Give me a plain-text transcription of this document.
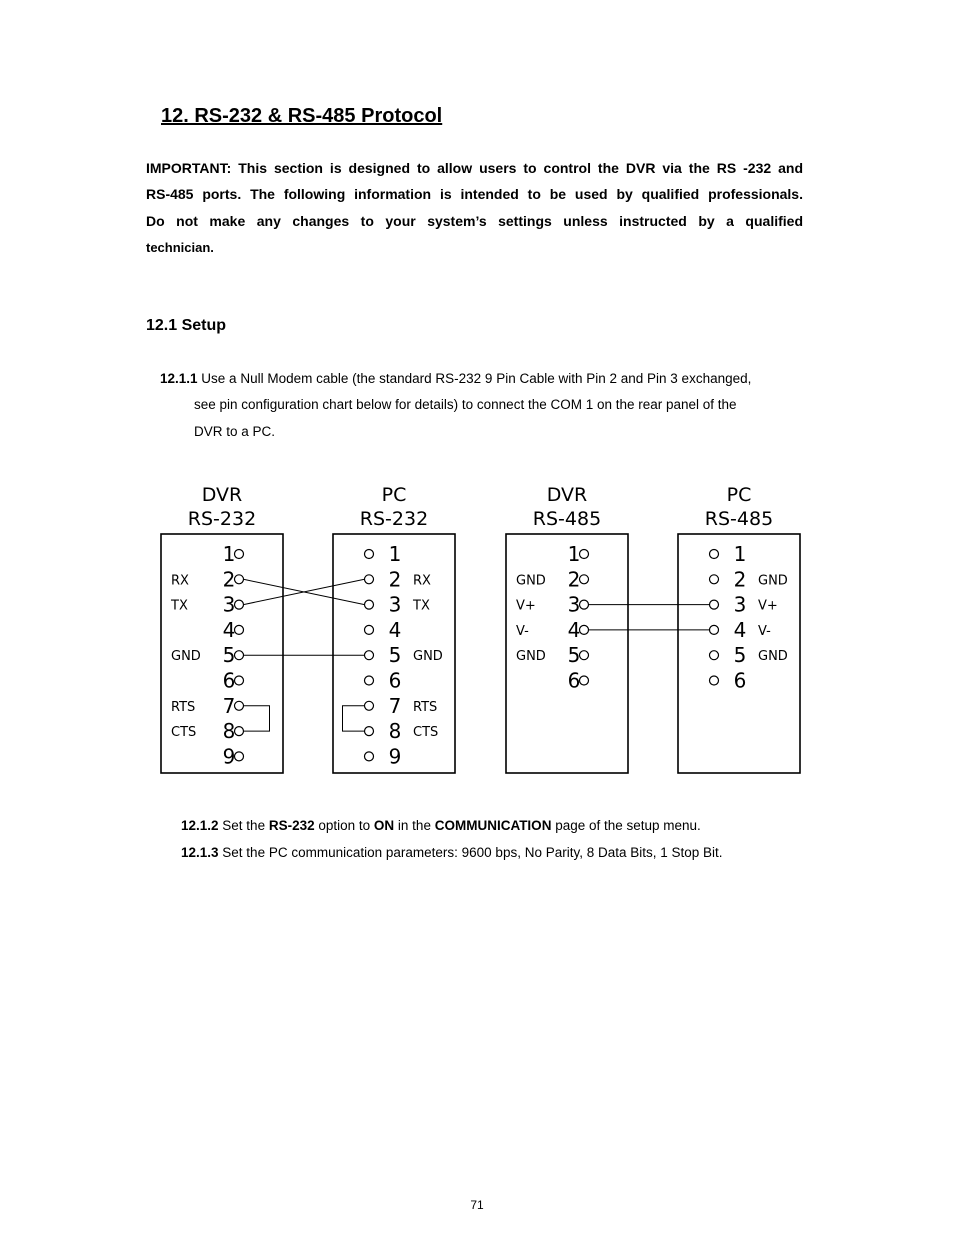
12. RS-232 & RS-485 Protocol
IMPORTANT: This section is designed to allow users to control the DVR via the RS -232 and
RS-485 ports. The following information is intended to be used by qualified professionals.
Do not make any changes to your system’s settings unless instructed by a qualified
technician.
12.1 Setup
12.1.1 Use a Null Modem cable (the standard RS-232 9 Pin Cable with Pin 2 and Pin 3 exchanged,
see pin configuration chart below for details) to connect the COM 1 on the rear panel of the
DVR to a PC.
DVR
RS-232
1
2
RX
3
TX
4
5
GND
6
7
RTS
8
CTS
9
PC
RS-232
1
2 RX
3 TX
4
5 GND
6
7 RTS
8 CTS
9
DVR
RS-485
1
2
GND
3
V+
4
V-
5
GND
6
PC
RS-485
1
2 GND
3 V+
4 V-
5 GND
6
12.1.2 Set the RS-232 option to ON in the COMMUNICATION page of the setup menu.
12.1.3 Set the PC communication parameters: 9600 bps, No Parity, 8 Data Bits, 1 Stop Bit.
71
